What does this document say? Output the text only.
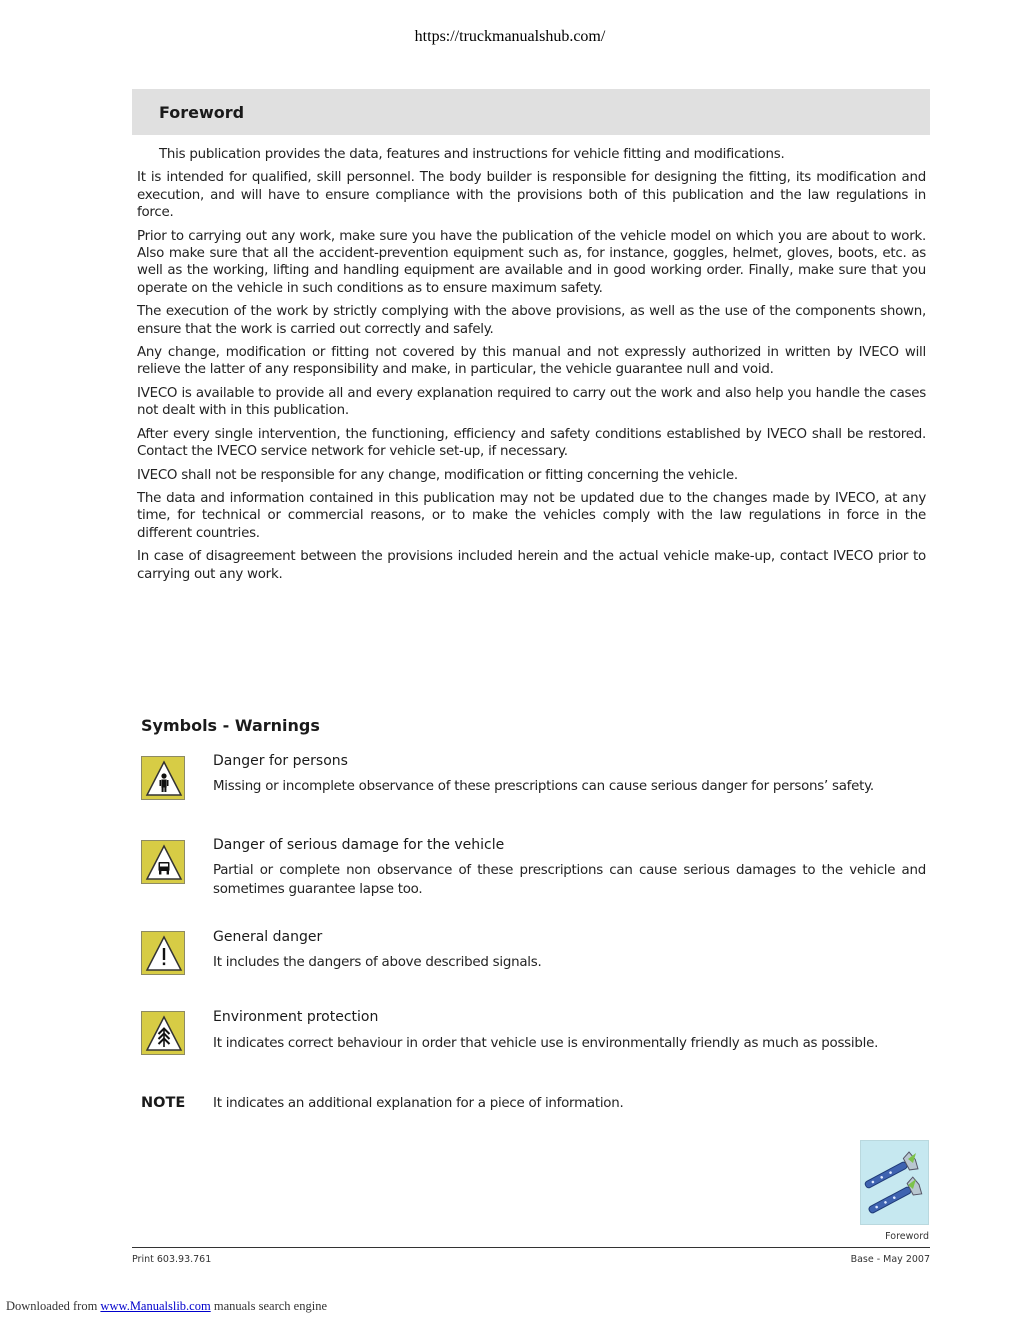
https://truckmanualshub.com/
Foreword

This publication provides the data, features and instructions for vehicle fitting and modifications.

It is intended for qualified, skill personnel. The body builder is responsible for designing the fitting, its modification and execution, and will have to ensure compliance with the provisions both of this publication and the law regulations in force.

Prior to carrying out any work, make sure you have the publication of the vehicle model on which you are about to work. Also make sure that all the accident-prevention equipment such as, for instance, goggles, helmet, gloves, boots, etc. as well as the working, lifting and handling equipment are available and in good working order. Finally, make sure that you operate on the vehicle in such conditions as to ensure maximum safety.

The execution of the work by strictly complying with the above provisions, as well as the use of the components shown, ensure that the work is carried out correctly and safely.

Any change, modification or fitting not covered by this manual and not expressly authorized in written by IVECO will relieve the latter of any responsibility and make, in particular, the vehicle guarantee null and void.

IVECO is available to provide all and every explanation required to carry out the work and also help you handle the cases not dealt with in this publication.

After every single intervention, the functioning, efficiency and safety conditions established by IVECO shall be restored. Contact the IVECO service network for vehicle set-up, if necessary.

IVECO shall not be responsible for any change, modification or fitting concerning the vehicle.

The data and information contained in this publication may not be updated due to the changes made by IVECO, at any time, for technical or commercial reasons, or to make the vehicles comply with the law regulations in force in the different countries.

In case of disagreement between the provisions included herein and the actual vehicle make-up, contact IVECO prior to carrying out any work.

Symbols - Warnings
Danger for persons
Missing or incomplete observance of these prescriptions can cause serious danger for persons’ safety.
Danger of serious damage for the vehicle
Partial or complete non observance of these prescriptions can cause serious damages to the vehicle and sometimes guarantee lapse too.
General danger
It includes the dangers of above described signals.
Environment protection
It indicates correct behaviour in order that vehicle use is environmentally friendly as much as possible.
NOTE It indicates an additional explanation for a piece of information.
Foreword
Print 603.93.761	Base - May 2007
Downloaded from www.Manualslib.com manuals search engine
